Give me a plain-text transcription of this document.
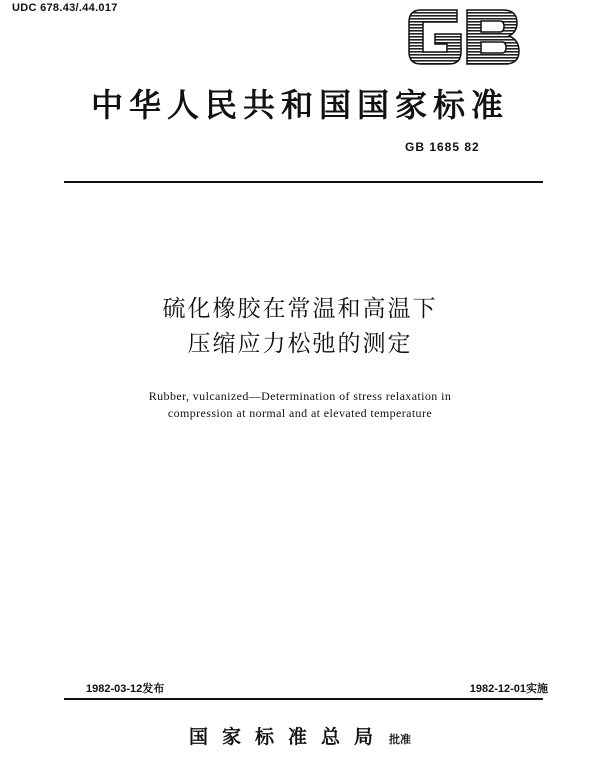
UDC 678.43/.44.017
GB
中华人民共和国国家标准
GB 1685 82
硫化橡胶在常温和高温下
压缩应力松弛的测定
Rubber, vulcanized—Determination of stress relaxation in
compression at normal and at elevated temperature
1982-03-12发布	1982-12-01实施
国家标准总局 批准
